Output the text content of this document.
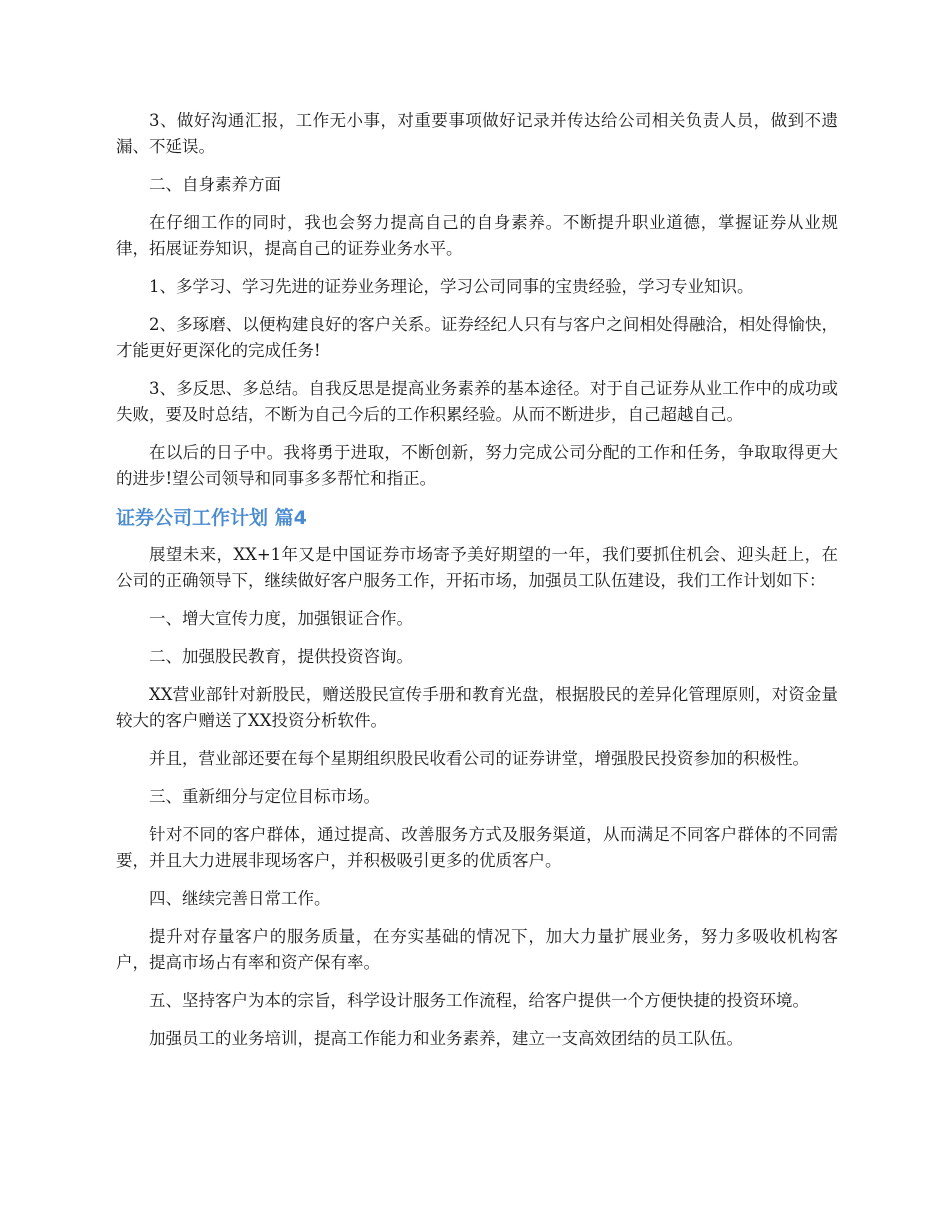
3、做好沟通汇报，工作无小事，对重要事项做好记录并传达给公司相关负责人员，做到不遗漏、不延误。

二、自身素养方面

在仔细工作的同时，我也会努力提高自己的自身素养。不断提升职业道德，掌握证券从业规律，拓展证券知识，提高自己的证券业务水平。

1、多学习、学习先进的证券业务理论，学习公司同事的宝贵经验，学习专业知识。

2、多琢磨、以便构建良好的客户关系。证券经纪人只有与客户之间相处得融洽，相处得愉快，才能更好更深化的完成任务!

3、多反思、多总结。自我反思是提高业务素养的基本途径。对于自己证券从业工作中的成功或失败，要及时总结，不断为自己今后的工作积累经验。从而不断进步，自己超越自己。

在以后的日子中。我将勇于进取，不断创新，努力完成公司分配的工作和任务，争取取得更大的进步!望公司领导和同事多多帮忙和指正。

证券公司工作计划 篇4

展望未来，XX+1年又是中国证券市场寄予美好期望的一年，我们要抓住机会、迎头赶上，在公司的正确领导下，继续做好客户服务工作，开拓市场，加强员工队伍建设，我们工作计划如下：

一、增大宣传力度，加强银证合作。

二、加强股民教育，提供投资咨询。

XX营业部针对新股民，赠送股民宣传手册和教育光盘，根据股民的差异化管理原则，对资金量较大的客户赠送了XX投资分析软件。

并且，营业部还要在每个星期组织股民收看公司的证券讲堂，增强股民投资参加的积极性。

三、重新细分与定位目标市场。

针对不同的客户群体，通过提高、改善服务方式及服务渠道，从而满足不同客户群体的不同需要，并且大力进展非现场客户，并积极吸引更多的优质客户。

四、继续完善日常工作。

提升对存量客户的服务质量，在夯实基础的情况下，加大力量扩展业务，努力多吸收机构客户，提高市场占有率和资产保有率。

五、坚持客户为本的宗旨，科学设计服务工作流程，给客户提供一个方便快捷的投资环境。

加强员工的业务培训，提高工作能力和业务素养，建立一支高效团结的员工队伍。
